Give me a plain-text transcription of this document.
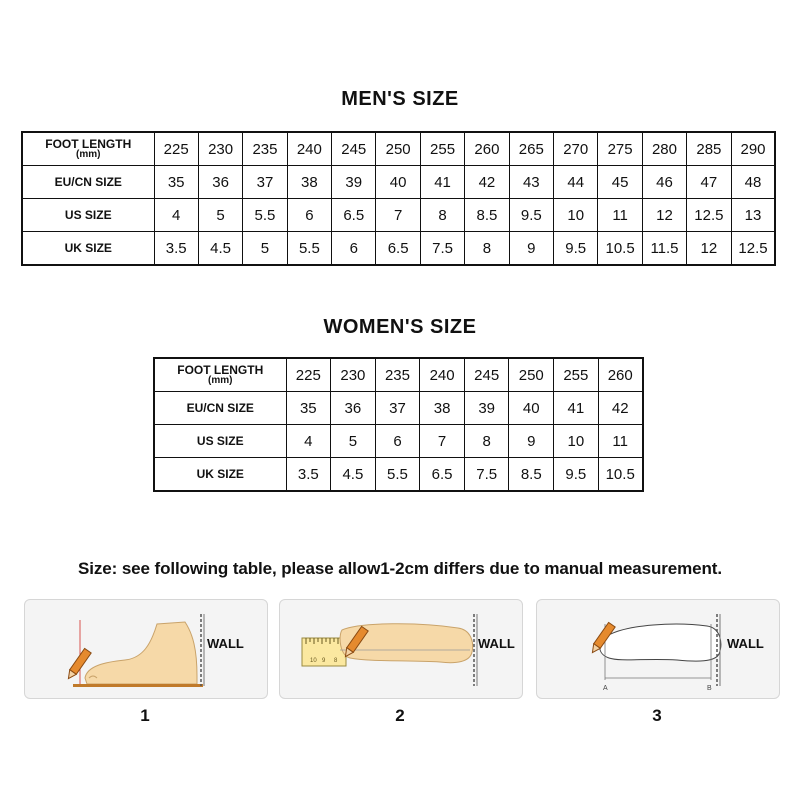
MEN'S SIZE
FOOT LENGTH
(mm)	225	230	235	240	245	250	255	260	265	270	275	280	285	290
EU/CN SIZE	35	36	37	38	39	40	41	42	43	44	45	46	47	48
US SIZE	4	5	5.5	6	6.5	7	8	8.5	9.5	10	11	12	12.5	13
UK SIZE	3.5	4.5	5	5.5	6	6.5	7.5	8	9	9.5	10.5	11.5	12	12.5
WOMEN'S SIZE
FOOT LENGTH
(mm)	225	230	235	240	245	250	255	260
EU/CN SIZE	35	36	37	38	39	40	41	42
US SIZE	4	5	6	7	8	9	10	11
UK SIZE	3.5	4.5	5.5	6.5	7.5	8.5	9.5	10.5

Size: see following table, please allow1-2cm differs due to manual measurement.

WALL
10 9 8
WALL
A	B
WALL
1	2	3
